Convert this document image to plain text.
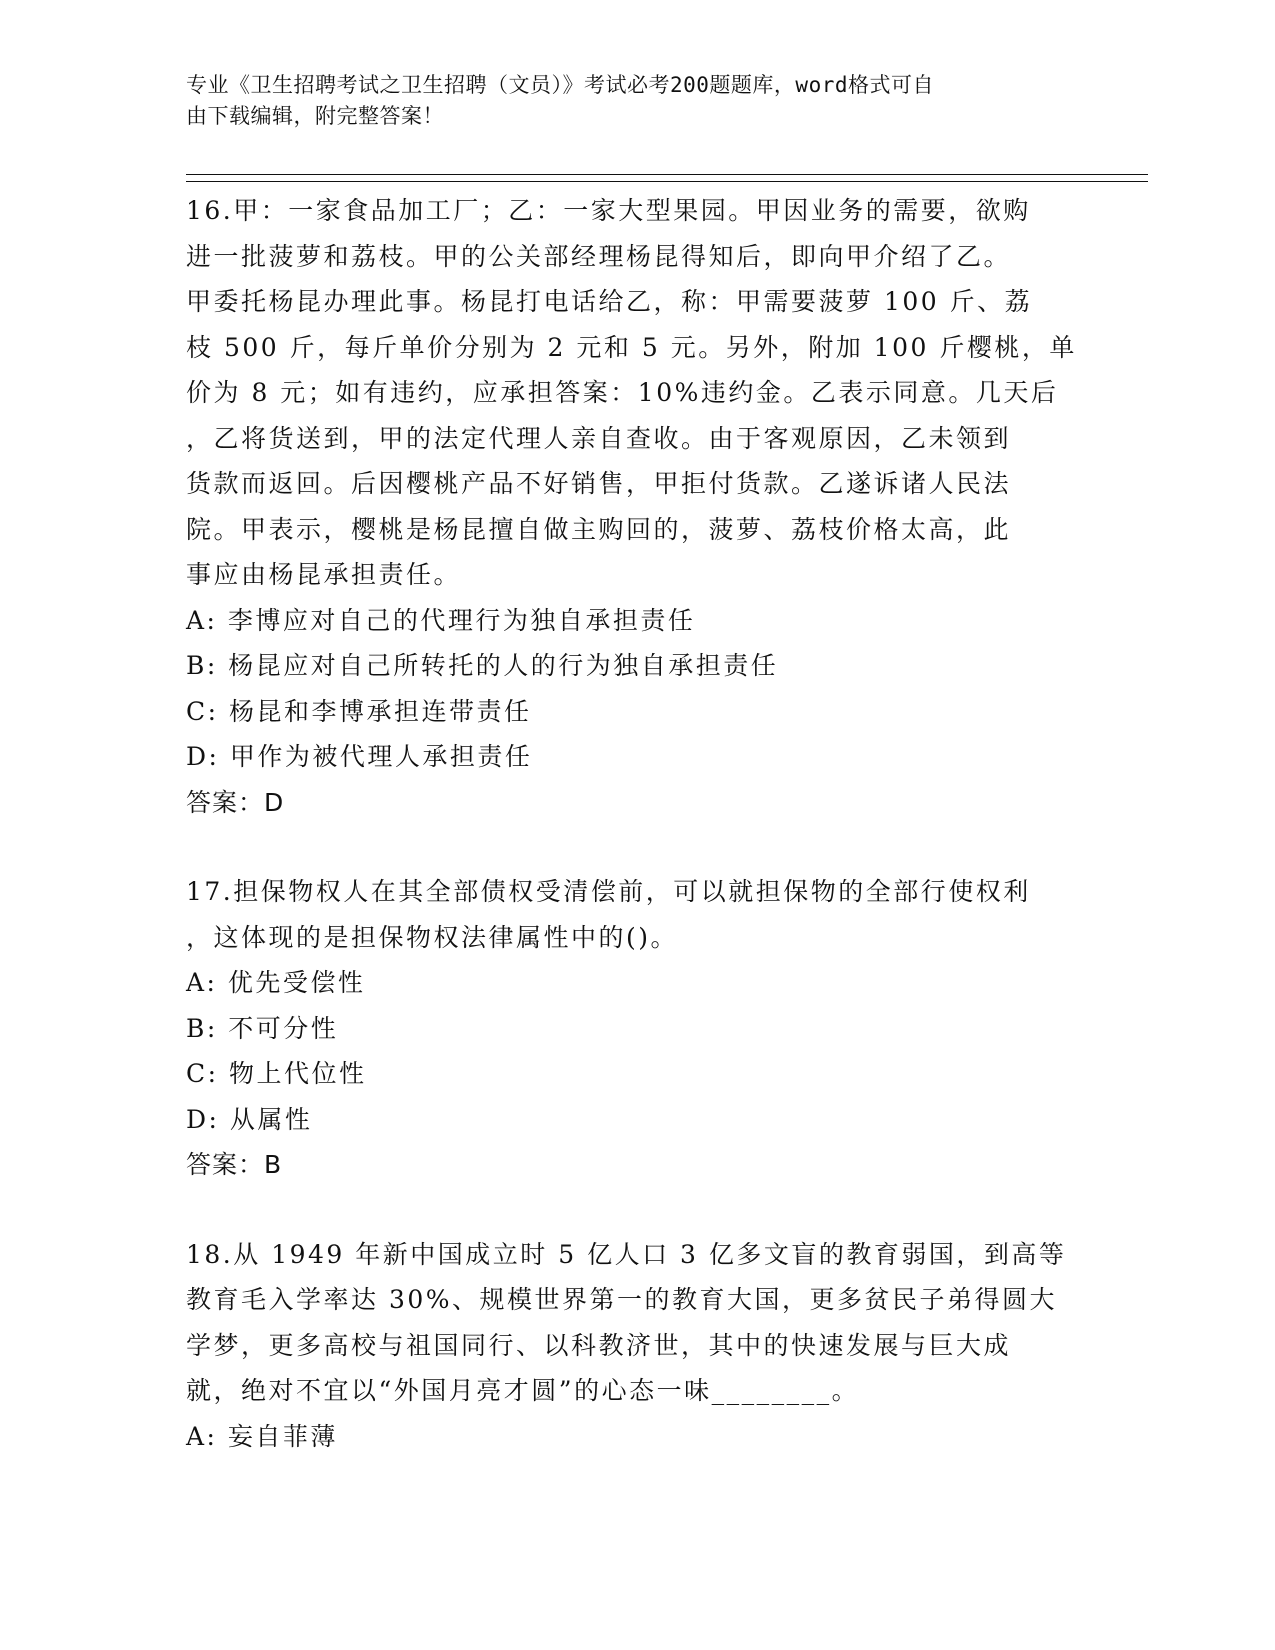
专业《卫生招聘考试之卫生招聘（文员）》考试必考200题题库，word格式可自
由下载编辑，附完整答案！

16.甲：一家食品加工厂；乙：一家大型果园。甲因业务的需要，欲购

进一批菠萝和荔枝。甲的公关部经理杨昆得知后，即向甲介绍了乙。

甲委托杨昆办理此事。杨昆打电话给乙，称：甲需要菠萝 100 斤、荔

枝 500 斤，每斤单价分别为 2 元和 5 元。另外，附加 100 斤樱桃，单

价为 8 元；如有违约，应承担答案：10%违约金。乙表示同意。几天后

，乙将货送到，甲的法定代理人亲自查收。由于客观原因，乙未领到

货款而返回。后因樱桃产品不好销售，甲拒付货款。乙遂诉诸人民法

院。甲表示，樱桃是杨昆擅自做主购回的，菠萝、荔枝价格太高，此

事应由杨昆承担责任。

A: 李博应对自己的代理行为独自承担责任

B: 杨昆应对自己所转托的人的行为独自承担责任

C: 杨昆和李博承担连带责任

D: 甲作为被代理人承担责任

答案：D

17.担保物权人在其全部债权受清偿前，可以就担保物的全部行使权利

，这体现的是担保物权法律属性中的()。

A: 优先受偿性

B: 不可分性

C: 物上代位性

D: 从属性

答案：B

18.从 1949 年新中国成立时 5 亿人口 3 亿多文盲的教育弱国，到高等

教育毛入学率达 30%、规模世界第一的教育大国，更多贫民子弟得圆大

学梦，更多高校与祖国同行、以科教济世，其中的快速发展与巨大成

就，绝对不宜以“外国月亮才圆”的心态一味________。

A: 妄自菲薄
